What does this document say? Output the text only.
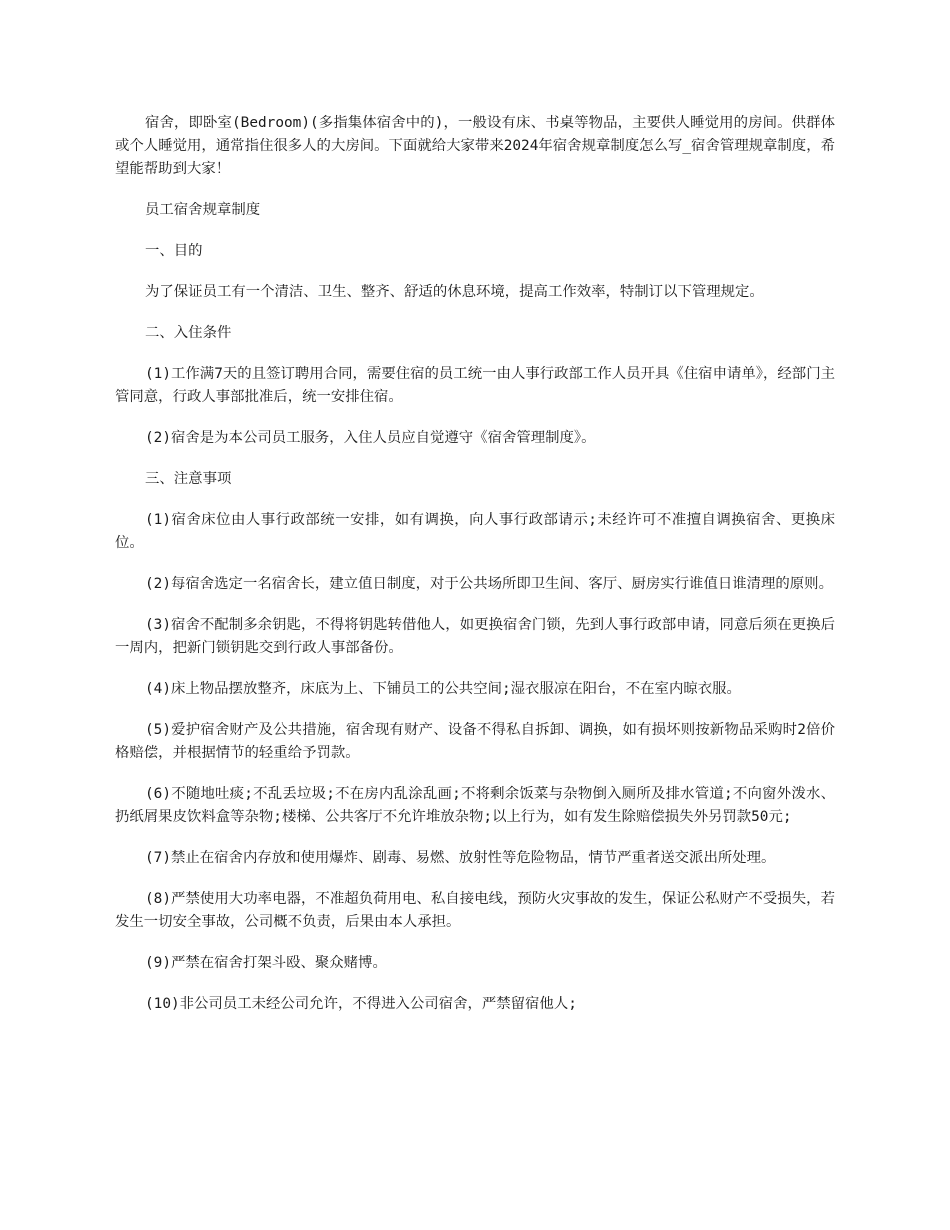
宿舍，即卧室(Bedroom)(多指集体宿舍中的)，一般设有床、书桌等物品，主要供人睡觉用的房间。供群体或个人睡觉用，通常指住很多人的大房间。下面就给大家带来2024年宿舍规章制度怎么写_宿舍管理规章制度，希望能帮助到大家！

员工宿舍规章制度

一、目的

为了保证员工有一个清洁、卫生、整齐、舒适的休息环境，提高工作效率，特制订以下管理规定。

二、入住条件

(1)工作满7天的且签订聘用合同，需要住宿的员工统一由人事行政部工作人员开具《住宿申请单》，经部门主管同意，行政人事部批准后，统一安排住宿。

(2)宿舍是为本公司员工服务，入住人员应自觉遵守《宿舍管理制度》。

三、注意事项

(1)宿舍床位由人事行政部统一安排，如有调换，向人事行政部请示;未经许可不准擅自调换宿舍、更换床位。

(2)每宿舍选定一名宿舍长，建立值日制度，对于公共场所即卫生间、客厅、厨房实行谁值日谁清理的原则。

(3)宿舍不配制多余钥匙，不得将钥匙转借他人，如更换宿舍门锁，先到人事行政部申请，同意后须在更换后一周内，把新门锁钥匙交到行政人事部备份。

(4)床上物品摆放整齐，床底为上、下铺员工的公共空间;湿衣服凉在阳台，不在室内晾衣服。

(5)爱护宿舍财产及公共措施，宿舍现有财产、设备不得私自拆卸、调换，如有损坏则按新物品采购时2倍价格赔偿，并根据情节的轻重给予罚款。

(6)不随地吐痰;不乱丢垃圾;不在房内乱涂乱画;不将剩余饭菜与杂物倒入厕所及排水管道;不向窗外泼水、扔纸屑果皮饮料盒等杂物;楼梯、公共客厅不允许堆放杂物;以上行为，如有发生除赔偿损失外另罚款50元;

(7)禁止在宿舍内存放和使用爆炸、剧毒、易燃、放射性等危险物品，情节严重者送交派出所处理。

(8)严禁使用大功率电器，不准超负荷用电、私自接电线，预防火灾事故的发生，保证公私财产不受损失，若发生一切安全事故，公司概不负责，后果由本人承担。

(9)严禁在宿舍打架斗殴、聚众赌博。

(10)非公司员工未经公司允许，不得进入公司宿舍，严禁留宿他人;
